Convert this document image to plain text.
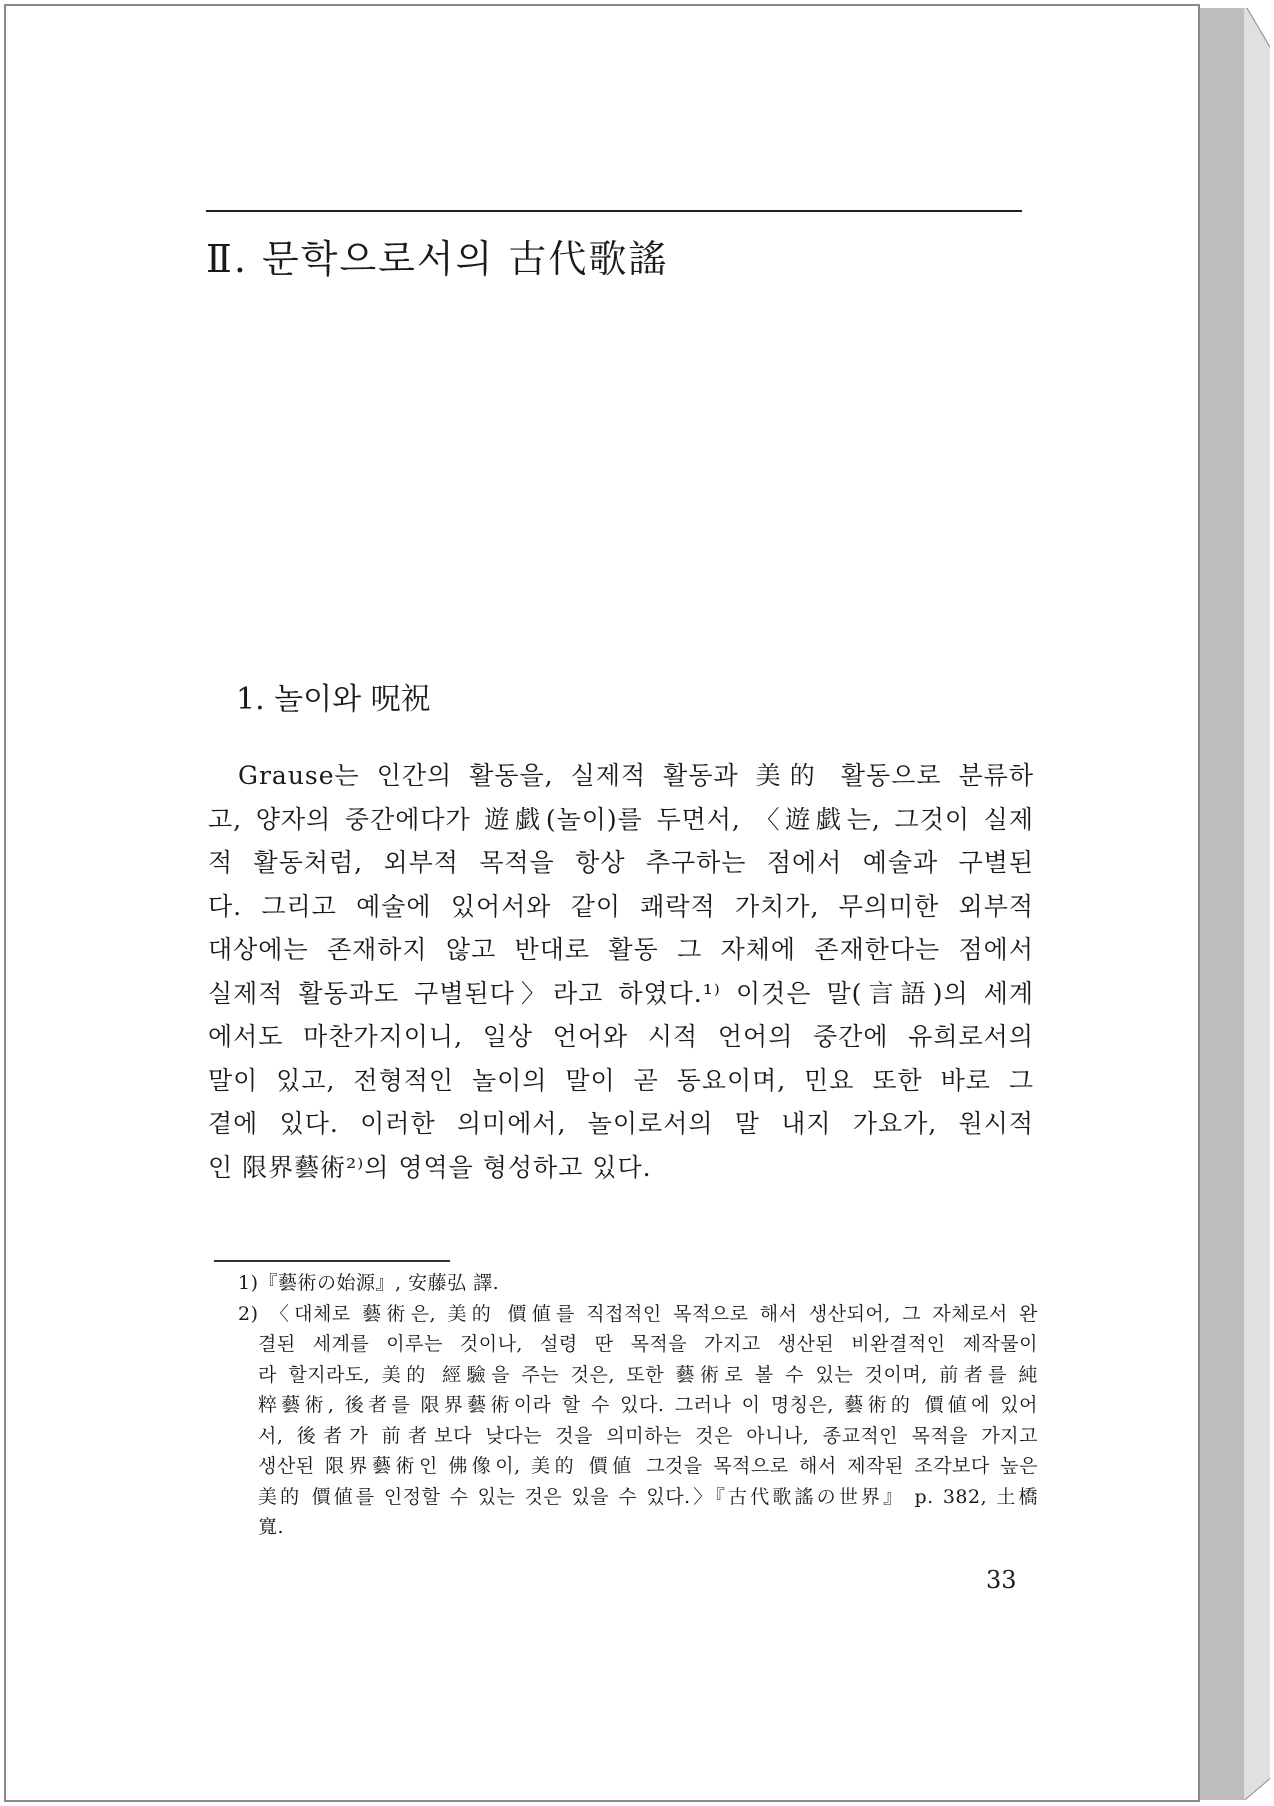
Ⅱ. 문학으로서의 古代歌謠
1. 놀이와 呪祝
Grause는 인간의 활동을, 실제적 활동과 美的 활동으로 분류하
고, 양자의 중간에다가 遊戯(놀이)를 두면서, 〈遊戯는, 그것이 실제
적 활동처럼, 외부적 목적을 항상 추구하는 점에서 예술과 구별된
다. 그리고 예술에 있어서와 같이 쾌락적 가치가, 무의미한 외부적
대상에는 존재하지 않고 반대로 활동 그 자체에 존재한다는 점에서
실제적 활동과도 구별된다〉라고 하였다.¹⁾ 이것은 말(言語)의 세계
에서도 마찬가지이니, 일상 언어와 시적 언어의 중간에 유희로서의
말이 있고, 전형적인 놀이의 말이 곧 동요이며, 민요 또한 바로 그
곁에 있다. 이러한 의미에서, 놀이로서의 말 내지 가요가, 원시적
인 限界藝術²⁾의 영역을 형성하고 있다.
1)『藝術の始源』, 安藤弘 譯.
2) 〈대체로 藝術은, 美的 價値를 직접적인 목적으로 해서 생산되어, 그 자체로서 완
결된 세계를 이루는 것이나, 설령 딴 목적을 가지고 생산된 비완결적인 제작물이
라 할지라도, 美的 經驗을 주는 것은, 또한 藝術로 볼 수 있는 것이며, 前者를 純
粹藝術, 後者를 限界藝術이라 할 수 있다. 그러나 이 명칭은, 藝術的 價値에 있어
서, 後者가 前者보다 낮다는 것을 의미하는 것은 아니나, 종교적인 목적을 가지고
생산된 限界藝術인 佛像이, 美的 價値 그것을 목적으로 해서 제작된 조각보다 높은
美的 價値를 인정할 수 있는 것은 있을 수 있다.〉『古代歌謠の世界』 p. 382, 土橋
寬.
33
